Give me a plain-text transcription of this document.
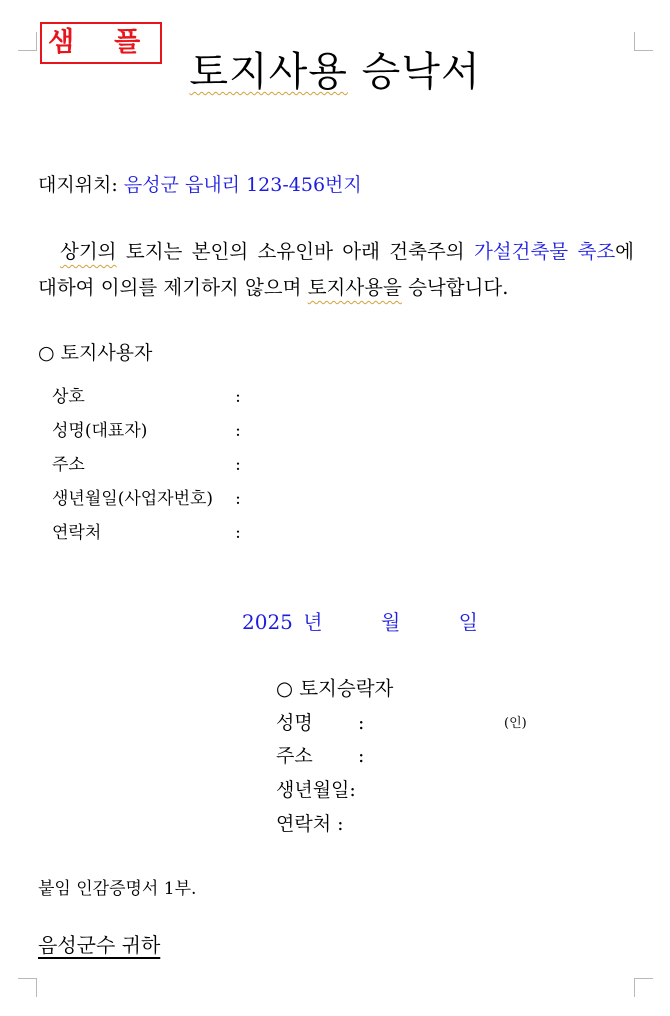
샘플
토지사용 승낙서
대지위치: 음성군 읍내리 123-456번지
상기의 토지는 본인의 소유인바 아래 건축주의 가설건축물 축조에 대하여 이의를 제기하지 않으며 토지사용을 승낙합니다.
○ 토지사용자
상호	:
성명(대표자)	:
주소	:
생년월일(사업자번호) :
연락처	:
2025 년	월	일
○ 토지승락자
성명 :	(인)
주소 :
생년월일:
연락처 :
붙임 인감증명서 1부.
음성군수 귀하
